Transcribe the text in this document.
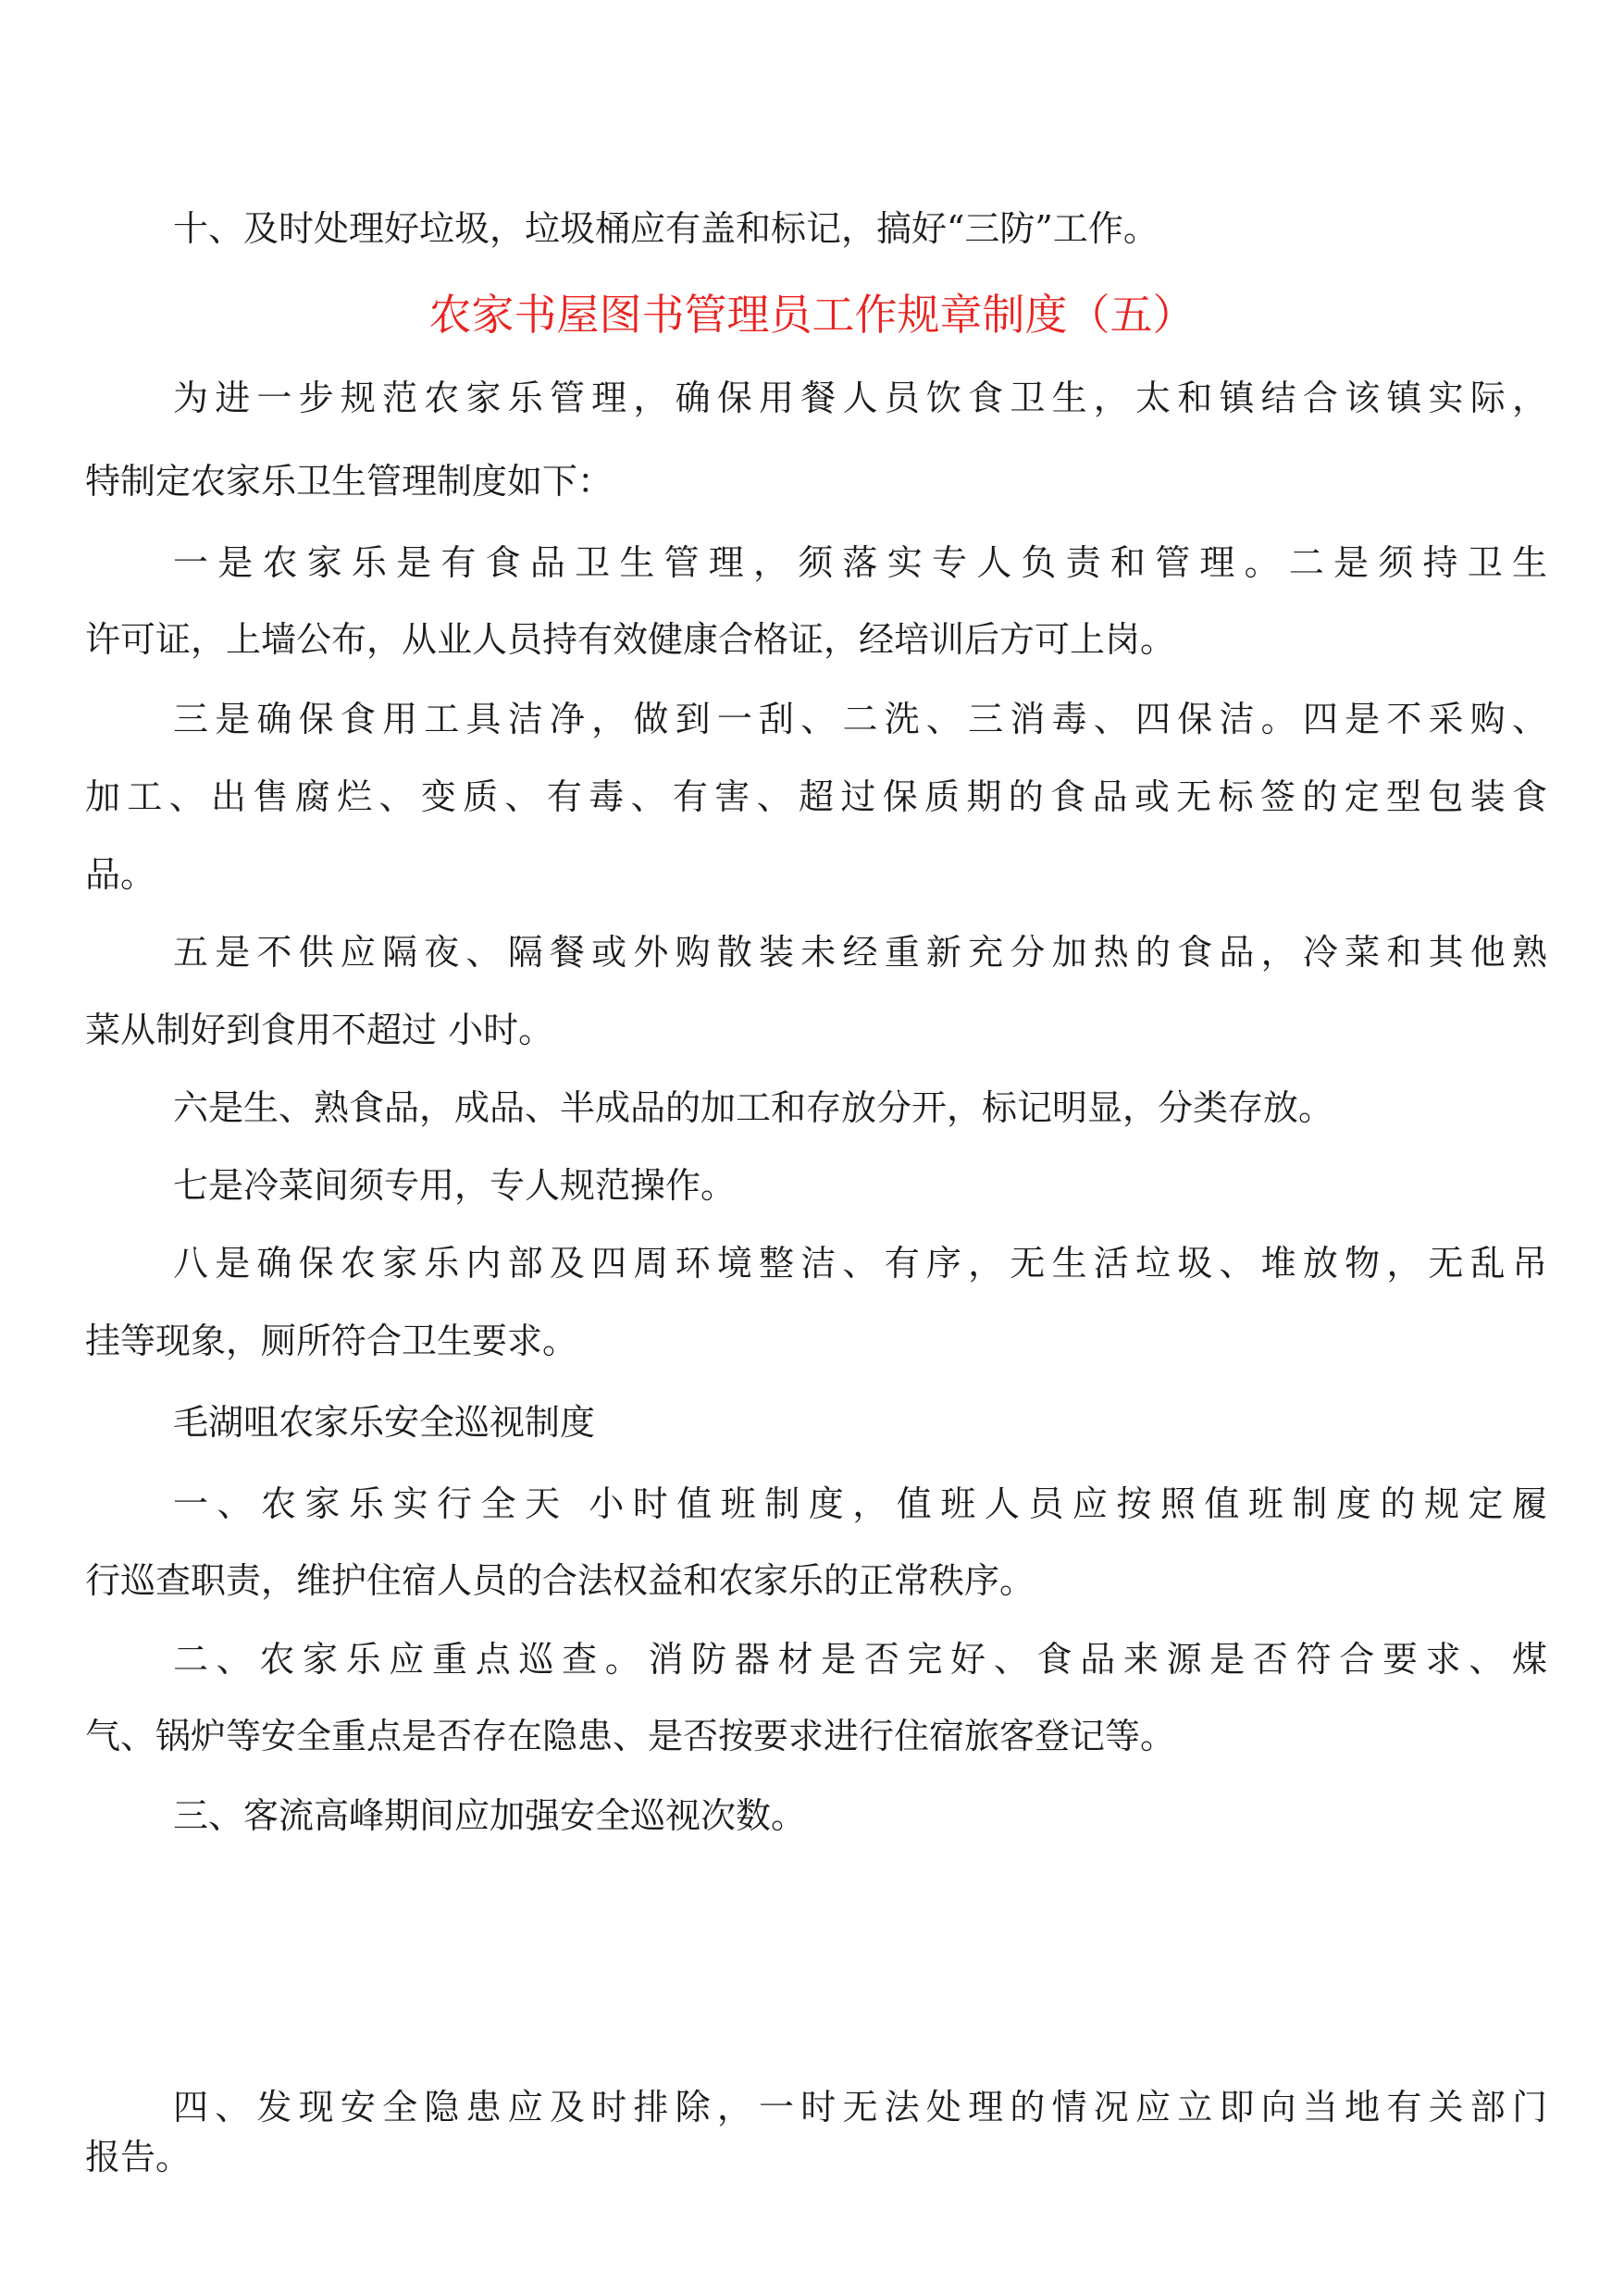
十、及时处理好垃圾，垃圾桶应有盖和标记，搞好“三防”工作。
农家书屋图书管理员工作规章制度（五）
为进一步规范农家乐管理，确保用餐人员饮食卫生，太和镇结合该镇实际，
特制定农家乐卫生管理制度如下：
一是农家乐是有食品卫生管理，须落实专人负责和管理。二是须持卫生
许可证，上墙公布，从业人员持有效健康合格证，经培训后方可上岗。
三是确保食用工具洁净，做到一刮、二洗、三消毒、四保洁。四是不采购、
加工、出售腐烂、变质、有毒、有害、超过保质期的食品或无标签的定型包装食
品。
五是不供应隔夜、隔餐或外购散装未经重新充分加热的食品，冷菜和其他熟
菜从制好到食用不超过 小时。
六是生、熟食品，成品、半成品的加工和存放分开，标记明显，分类存放。
七是冷菜间须专用，专人规范操作。
八是确保农家乐内部及四周环境整洁、有序，无生活垃圾、堆放物，无乱吊
挂等现象，厕所符合卫生要求。
毛湖咀农家乐安全巡视制度
一、农家乐实行全天 小时值班制度，值班人员应按照值班制度的规定履
行巡查职责，维护住宿人员的合法权益和农家乐的正常秩序。
二、农家乐应重点巡查。消防器材是否完好、食品来源是否符合要求、煤
气、锅炉等安全重点是否存在隐患、是否按要求进行住宿旅客登记等。
三、客流高峰期间应加强安全巡视次数。
四、发现安全隐患应及时排除，一时无法处理的情况应立即向当地有关部门
报告。
